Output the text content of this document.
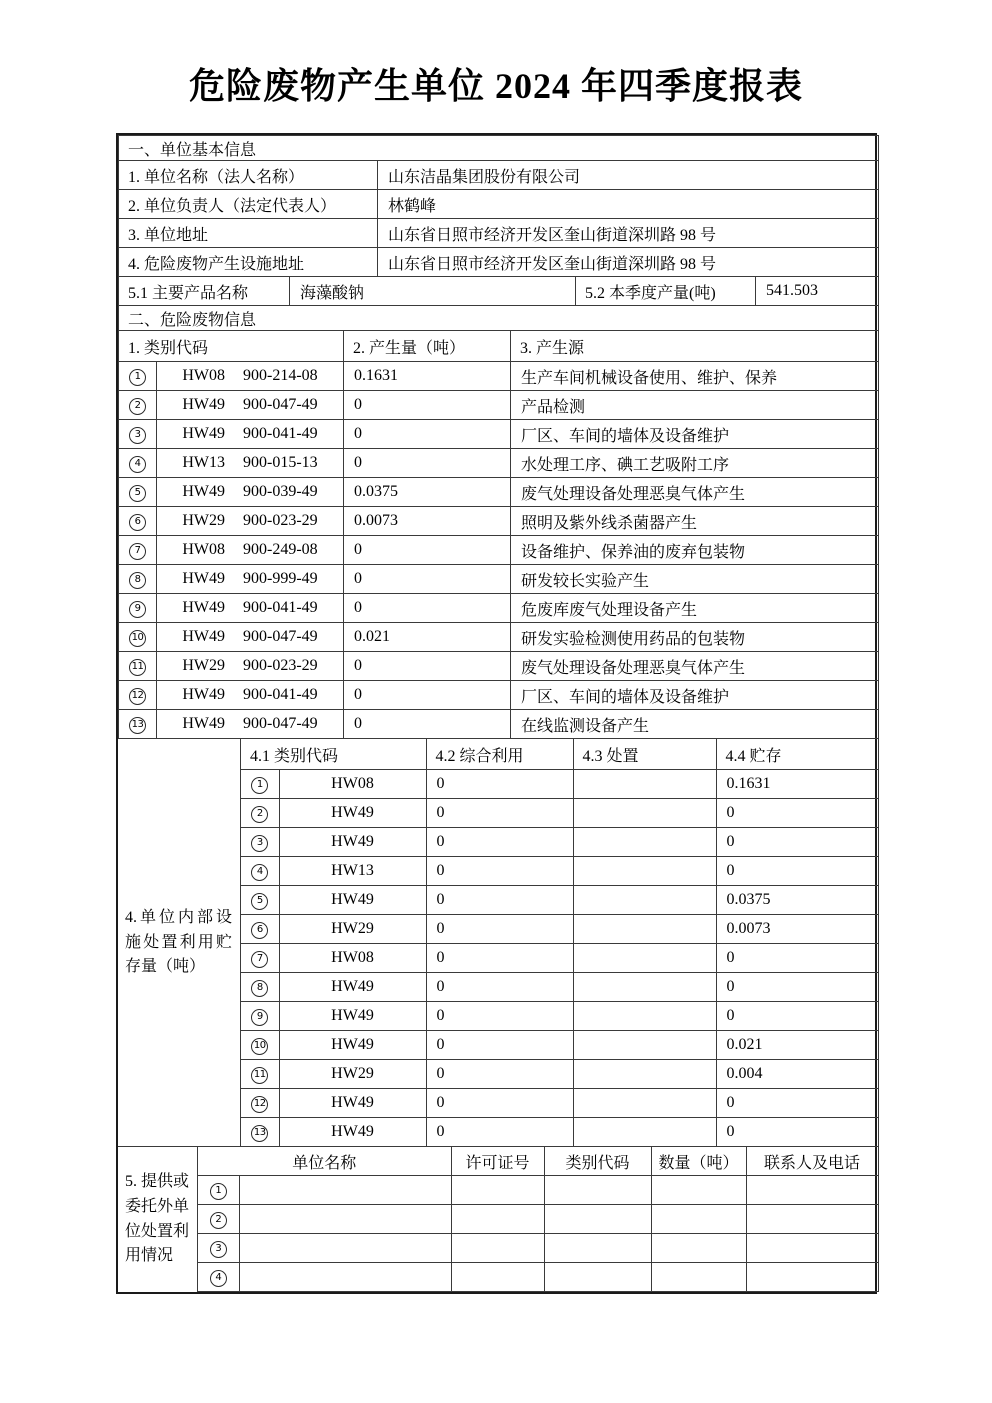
危险废物产生单位 2024 年四季度报表
一、单位基本信息				
1. 单位名称（法人名称）		山东洁晶集团股份有限公司		
2. 单位负责人（法定代表人）		林鹤峰		
3. 单位地址		山东省日照市经济开发区奎山街道深圳路 98 号		
4. 危险废物产生设施地址		山东省日照市经济开发区奎山街道深圳路 98 号		
5.1 主要产品名称	海藻酸钠		5.2 本季度产量(吨)	541.503
二、危险废物信息			
1. 类别代码		2. 产生量（吨）	3. 产生源
1	HW08 900-214-08	0.1631	生产车间机械设备使用、维护、保养
2	HW49 900-047-49	0	产品检测
3	HW49 900-041-49	0	厂区、车间的墙体及设备维护
4	HW13 900-015-13	0	水处理工序、碘工艺吸附工序
5	HW49 900-039-49	0.0375	废气处理设备处理恶臭气体产生
6	HW29 900-023-29	0.0073	照明及紫外线杀菌器产生
7	HW08 900-249-08	0	设备维护、保养油的废弃包装物
8	HW49 900-999-49	0	研发较长实验产生
9	HW49 900-041-49	0	危废库废气处理设备产生
10	HW49 900-047-49	0.021	研发实验检测使用药品的包装物
11	HW29 900-023-29	0	废气处理设备处理恶臭气体产生
12	HW49 900-041-49	0	厂区、车间的墙体及设备维护
13	HW49 900-047-49	0	在线监测设备产生
4.单位内部设施处置利用贮存量（吨）
4.1 类别代码		4.2 综合利用	4.3 处置	4.4 贮存
1	HW08	0		0.1631
2	HW49	0		0
3	HW49	0		0
4	HW13	0		0
5	HW49	0		0.0375
6	HW29	0		0.0073
7	HW08	0		0
8	HW49	0		0
9	HW49	0		0
10	HW49	0		0.021
11	HW29	0		0.004
12	HW49	0		0
13	HW49	0		0
5. 提供或委托外单位处置利用情况
单位名称		许可证号	类别代码	数量（吨）	联系人及电话
1					
2					
3					
4					
